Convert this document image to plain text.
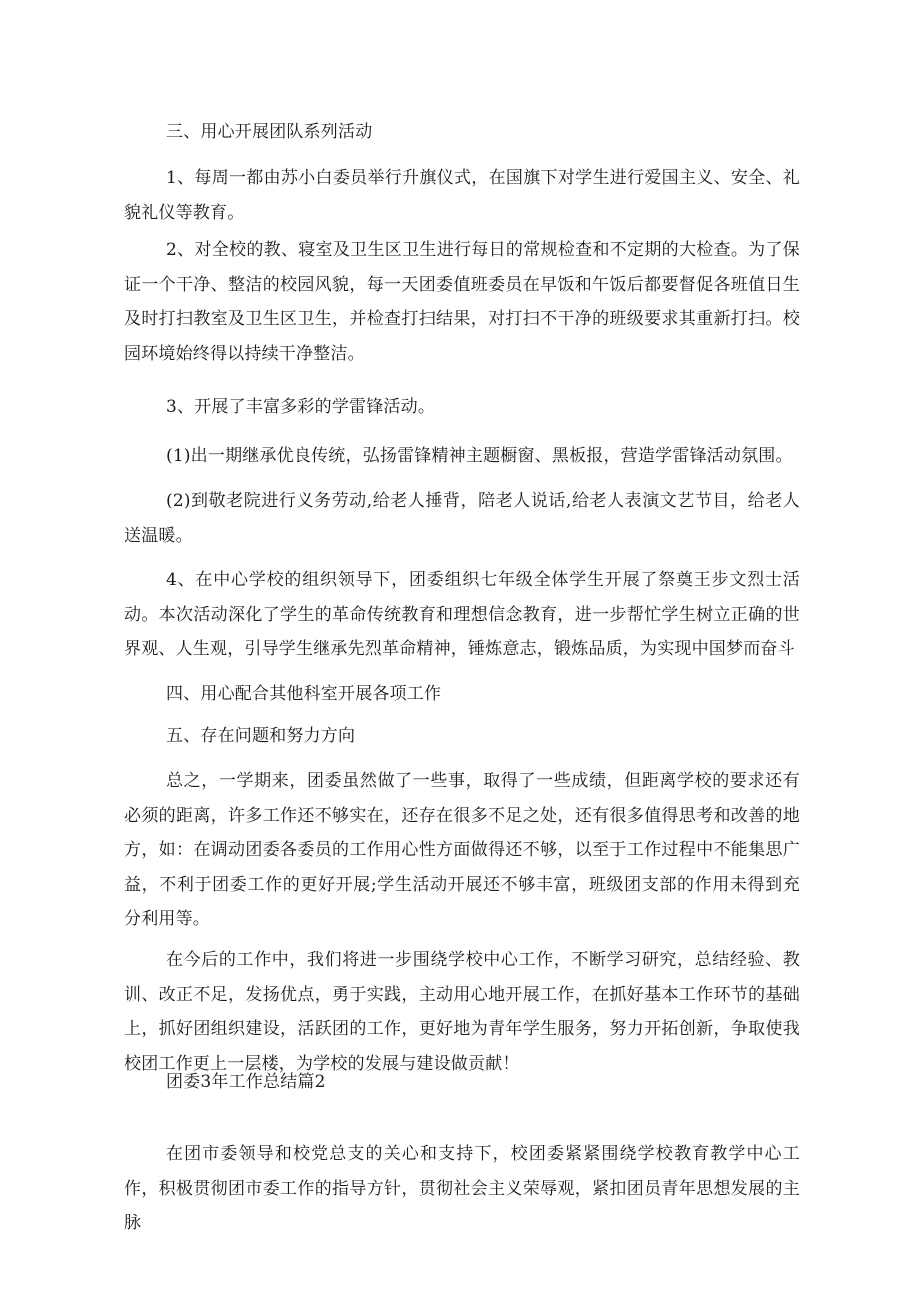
三、用心开展团队系列活动

1、每周一都由苏小白委员举行升旗仪式，在国旗下对学生进行爱国主义、安全、礼貌礼仪等教育。

2、对全校的教、寝室及卫生区卫生进行每日的常规检查和不定期的大检查。为了保证一个干净、整洁的校园风貌，每一天团委值班委员在早饭和午饭后都要督促各班值日生及时打扫教室及卫生区卫生，并检查打扫结果，对打扫不干净的班级要求其重新打扫。校园环境始终得以持续干净整洁。

3、开展了丰富多彩的学雷锋活动。

(1)出一期继承优良传统，弘扬雷锋精神主题橱窗、黑板报，营造学雷锋活动氛围。

(2)到敬老院进行义务劳动,给老人捶背，陪老人说话,给老人表演文艺节目，给老人送温暖。

4、在中心学校的组织领导下，团委组织七年级全体学生开展了祭奠王步文烈士活动。本次活动深化了学生的革命传统教育和理想信念教育，进一步帮忙学生树立正确的世界观、人生观，引导学生继承先烈革命精神，锤炼意志，锻炼品质，为实现中国梦而奋斗

四、用心配合其他科室开展各项工作

五、存在问题和努力方向

总之，一学期来，团委虽然做了一些事，取得了一些成绩，但距离学校的要求还有必须的距离，许多工作还不够实在，还存在很多不足之处，还有很多值得思考和改善的地方，如：在调动团委各委员的工作用心性方面做得还不够，以至于工作过程中不能集思广益，不利于团委工作的更好开展;学生活动开展还不够丰富，班级团支部的作用未得到充分利用等。

在今后的工作中，我们将进一步围绕学校中心工作，不断学习研究，总结经验、教训、改正不足，发扬优点，勇于实践，主动用心地开展工作，在抓好基本工作环节的基础上，抓好团组织建设，活跃团的工作，更好地为青年学生服务，努力开拓创新，争取使我校团工作更上一层楼，为学校的发展与建设做贡献！

团委3年工作总结篇2

在团市委领导和校党总支的关心和支持下，校团委紧紧围绕学校教育教学中心工作，积极贯彻团市委工作的指导方针，贯彻社会主义荣辱观，紧扣团员青年思想发展的主脉
